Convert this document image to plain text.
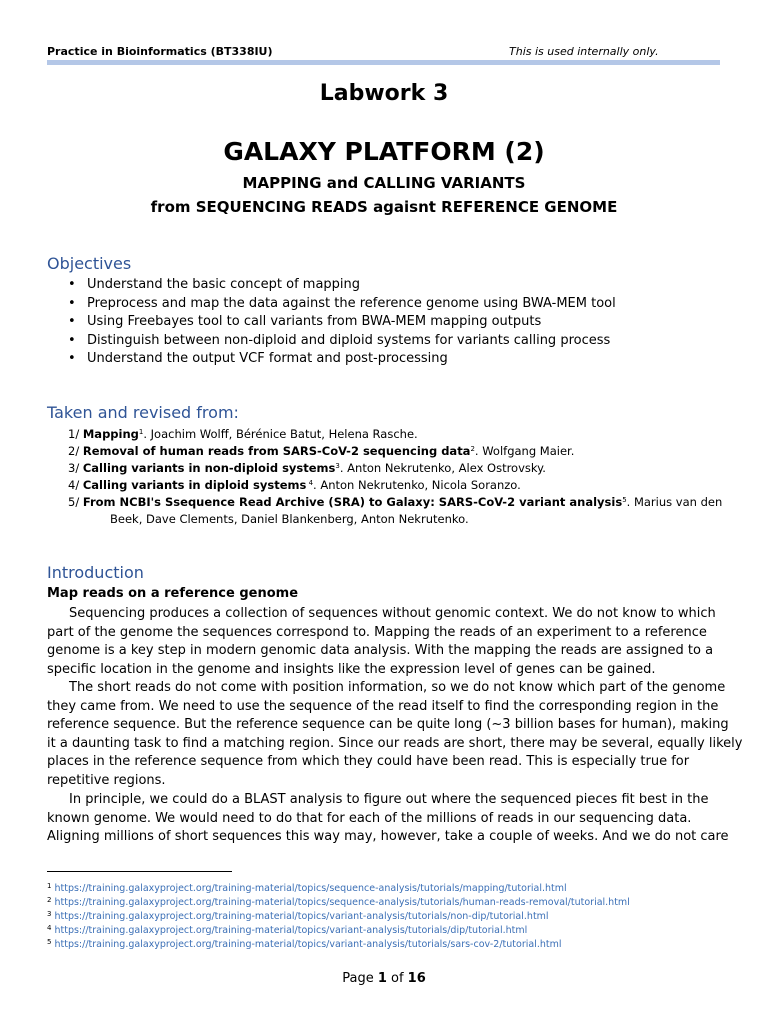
Practice in Bioinformatics (BT338IU)	This is used internally only.
Labwork 3
GALAXY PLATFORM (2)
MAPPING and CALLING VARIANTS
from SEQUENCING READS agaisnt REFERENCE GENOME
Objectives
• Understand the basic concept of mapping
• Preprocess and map the data against the reference genome using BWA-MEM tool
• Using Freebayes tool to call variants from BWA-MEM mapping outputs
• Distinguish between non-diploid and diploid systems for variants calling process
• Understand the output VCF format and post-processing
Taken and revised from:
1/ Mapping$^1$. Joachim Wolff, Bérénice Batut, Helena Rasche.
2/ Removal of human reads from SARS-CoV-2 sequencing data$^2$. Wolfgang Maier.
3/ Calling variants in non-diploid systems$^3$. Anton Nekrutenko, Alex Ostrovsky.
4/ Calling variants in diploid systems $^4$. Anton Nekrutenko, Nicola Soranzo.
5/ From NCBI's Ssequence Read Archive (SRA) to Galaxy: SARS-CoV-2 variant analysis$^5$. Marius van den
Beek, Dave Clements, Daniel Blankenberg, Anton Nekrutenko.
Introduction
Map reads on a reference genome
Sequencing produces a collection of sequences without genomic context. We do not know to which
part of the genome the sequences correspond to. Mapping the reads of an experiment to a reference
genome is a key step in modern genomic data analysis. With the mapping the reads are assigned to a
specific location in the genome and insights like the expression level of genes can be gained.
The short reads do not come with position information, so we do not know which part of the genome
they came from. We need to use the sequence of the read itself to find the corresponding region in the
reference sequence. But the reference sequence can be quite long (~3 billion bases for human), making
it a daunting task to find a matching region. Since our reads are short, there may be several, equally likely
places in the reference sequence from which they could have been read. This is especially true for
repetitive regions.
In principle, we could do a BLAST analysis to figure out where the sequenced pieces fit best in the
known genome. We would need to do that for each of the millions of reads in our sequencing data.
Aligning millions of short sequences this way may, however, take a couple of weeks. And we do not care
$^1$ https://training.galaxyproject.org/training-material/topics/sequence-analysis/tutorials/mapping/tutorial.html
$^2$ https://training.galaxyproject.org/training-material/topics/sequence-analysis/tutorials/human-reads-removal/tutorial.html
$^3$ https://training.galaxyproject.org/training-material/topics/variant-analysis/tutorials/non-dip/tutorial.html
$^4$ https://training.galaxyproject.org/training-material/topics/variant-analysis/tutorials/dip/tutorial.html
$^5$ https://training.galaxyproject.org/training-material/topics/variant-analysis/tutorials/sars-cov-2/tutorial.html
Page 1 of 16
